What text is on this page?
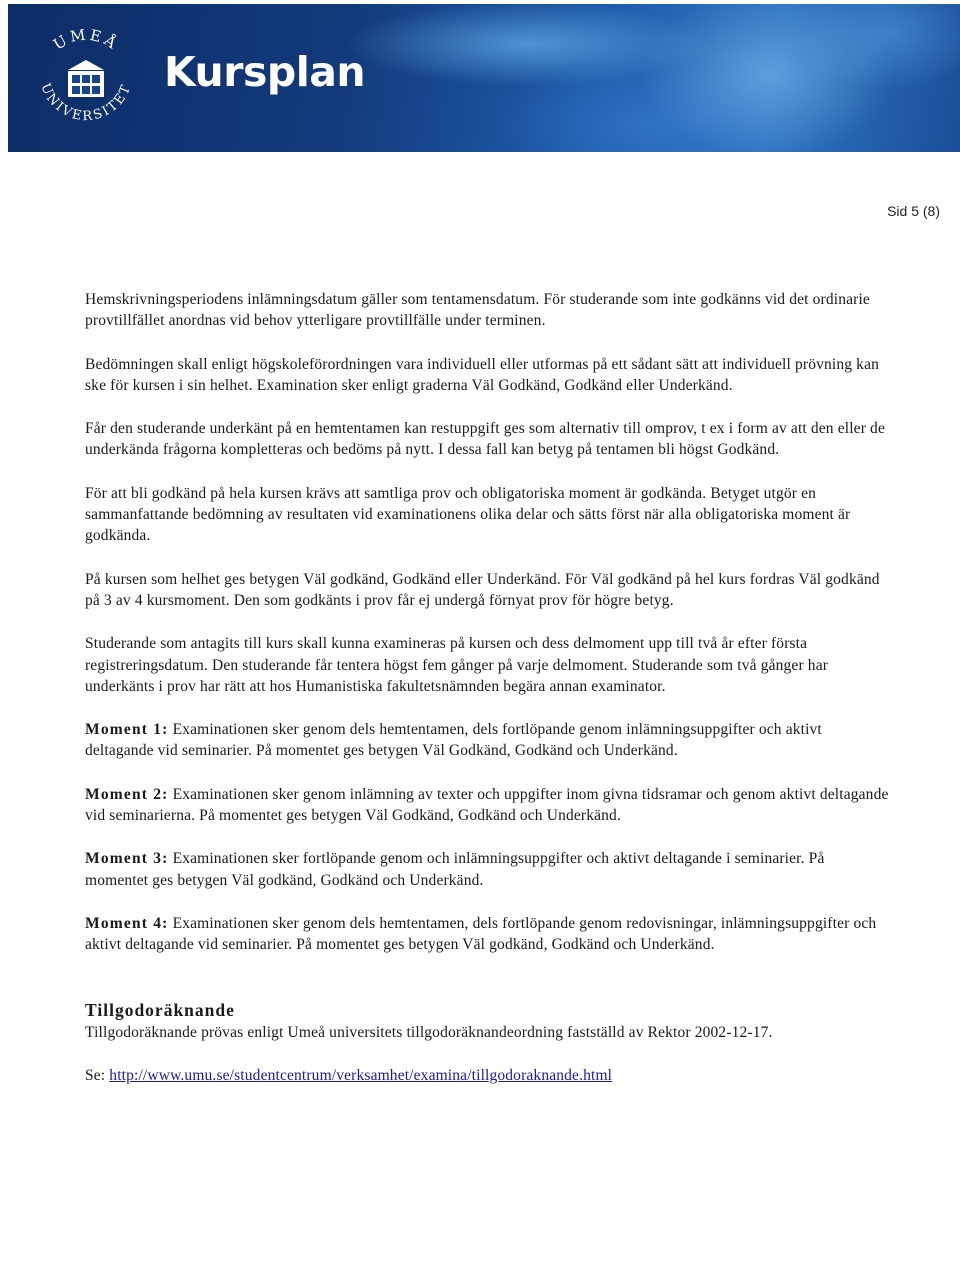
UMEÅ
UNIVERSITET Kursplan
Sid 5 (8)

Hemskrivningsperiodens inlämningsdatum gäller som tentamensdatum. För studerande som inte godkänns vid det ordinarie provtillfället anordnas vid behov ytterligare provtillfälle under terminen.

Bedömningen skall enligt högskoleförordningen vara individuell eller utformas på ett sådant sätt att individuell prövning kan ske för kursen i sin helhet. Examination sker enligt graderna Väl Godkänd, Godkänd eller Underkänd.

Får den studerande underkänt på en hemtentamen kan restuppgift ges som alternativ till omprov, t ex i form av att den eller de underkända frågorna kompletteras och bedöms på nytt. I dessa fall kan betyg på tentamen bli högst Godkänd.

För att bli godkänd på hela kursen krävs att samtliga prov och obligatoriska moment är godkända. Betyget utgör en sammanfattande bedömning av resultaten vid examinationens olika delar och sätts först när alla obligatoriska moment är godkända.

På kursen som helhet ges betygen Väl godkänd, Godkänd eller Underkänd. För Väl godkänd på hel kurs fordras Väl godkänd på 3 av 4 kursmoment. Den som godkänts i prov får ej undergå förnyat prov för högre betyg.

Studerande som antagits till kurs skall kunna examineras på kursen och dess delmoment upp till två år efter första registreringsdatum. Den studerande får tentera högst fem gånger på varje delmoment. Studerande som två gånger har underkänts i prov har rätt att hos Humanistiska fakultetsnämnden begära annan examinator.

Moment 1: Examinationen sker genom dels hemtentamen, dels fortlöpande genom inlämningsuppgifter och aktivt deltagande vid seminarier. På momentet ges betygen Väl Godkänd, Godkänd och Underkänd.

Moment 2: Examinationen sker genom inlämning av texter och uppgifter inom givna tidsramar och genom aktivt deltagande vid seminarierna. På momentet ges betygen Väl Godkänd, Godkänd och Underkänd.

Moment 3: Examinationen sker fortlöpande genom och inlämningsuppgifter och aktivt deltagande i seminarier. På momentet ges betygen Väl godkänd, Godkänd och Underkänd.

Moment 4: Examinationen sker genom dels hemtentamen, dels fortlöpande genom redovisningar, inlämningsuppgifter och aktivt deltagande vid seminarier. På momentet ges betygen Väl godkänd, Godkänd och Underkänd.

Tillgodoräknande

Tillgodoräknande prövas enligt Umeå universitets tillgodoräknandeordning fastställd av Rektor 2002-12-17.

Se: http://www.umu.se/studentcentrum/verksamhet/examina/tillgodoraknande.html
